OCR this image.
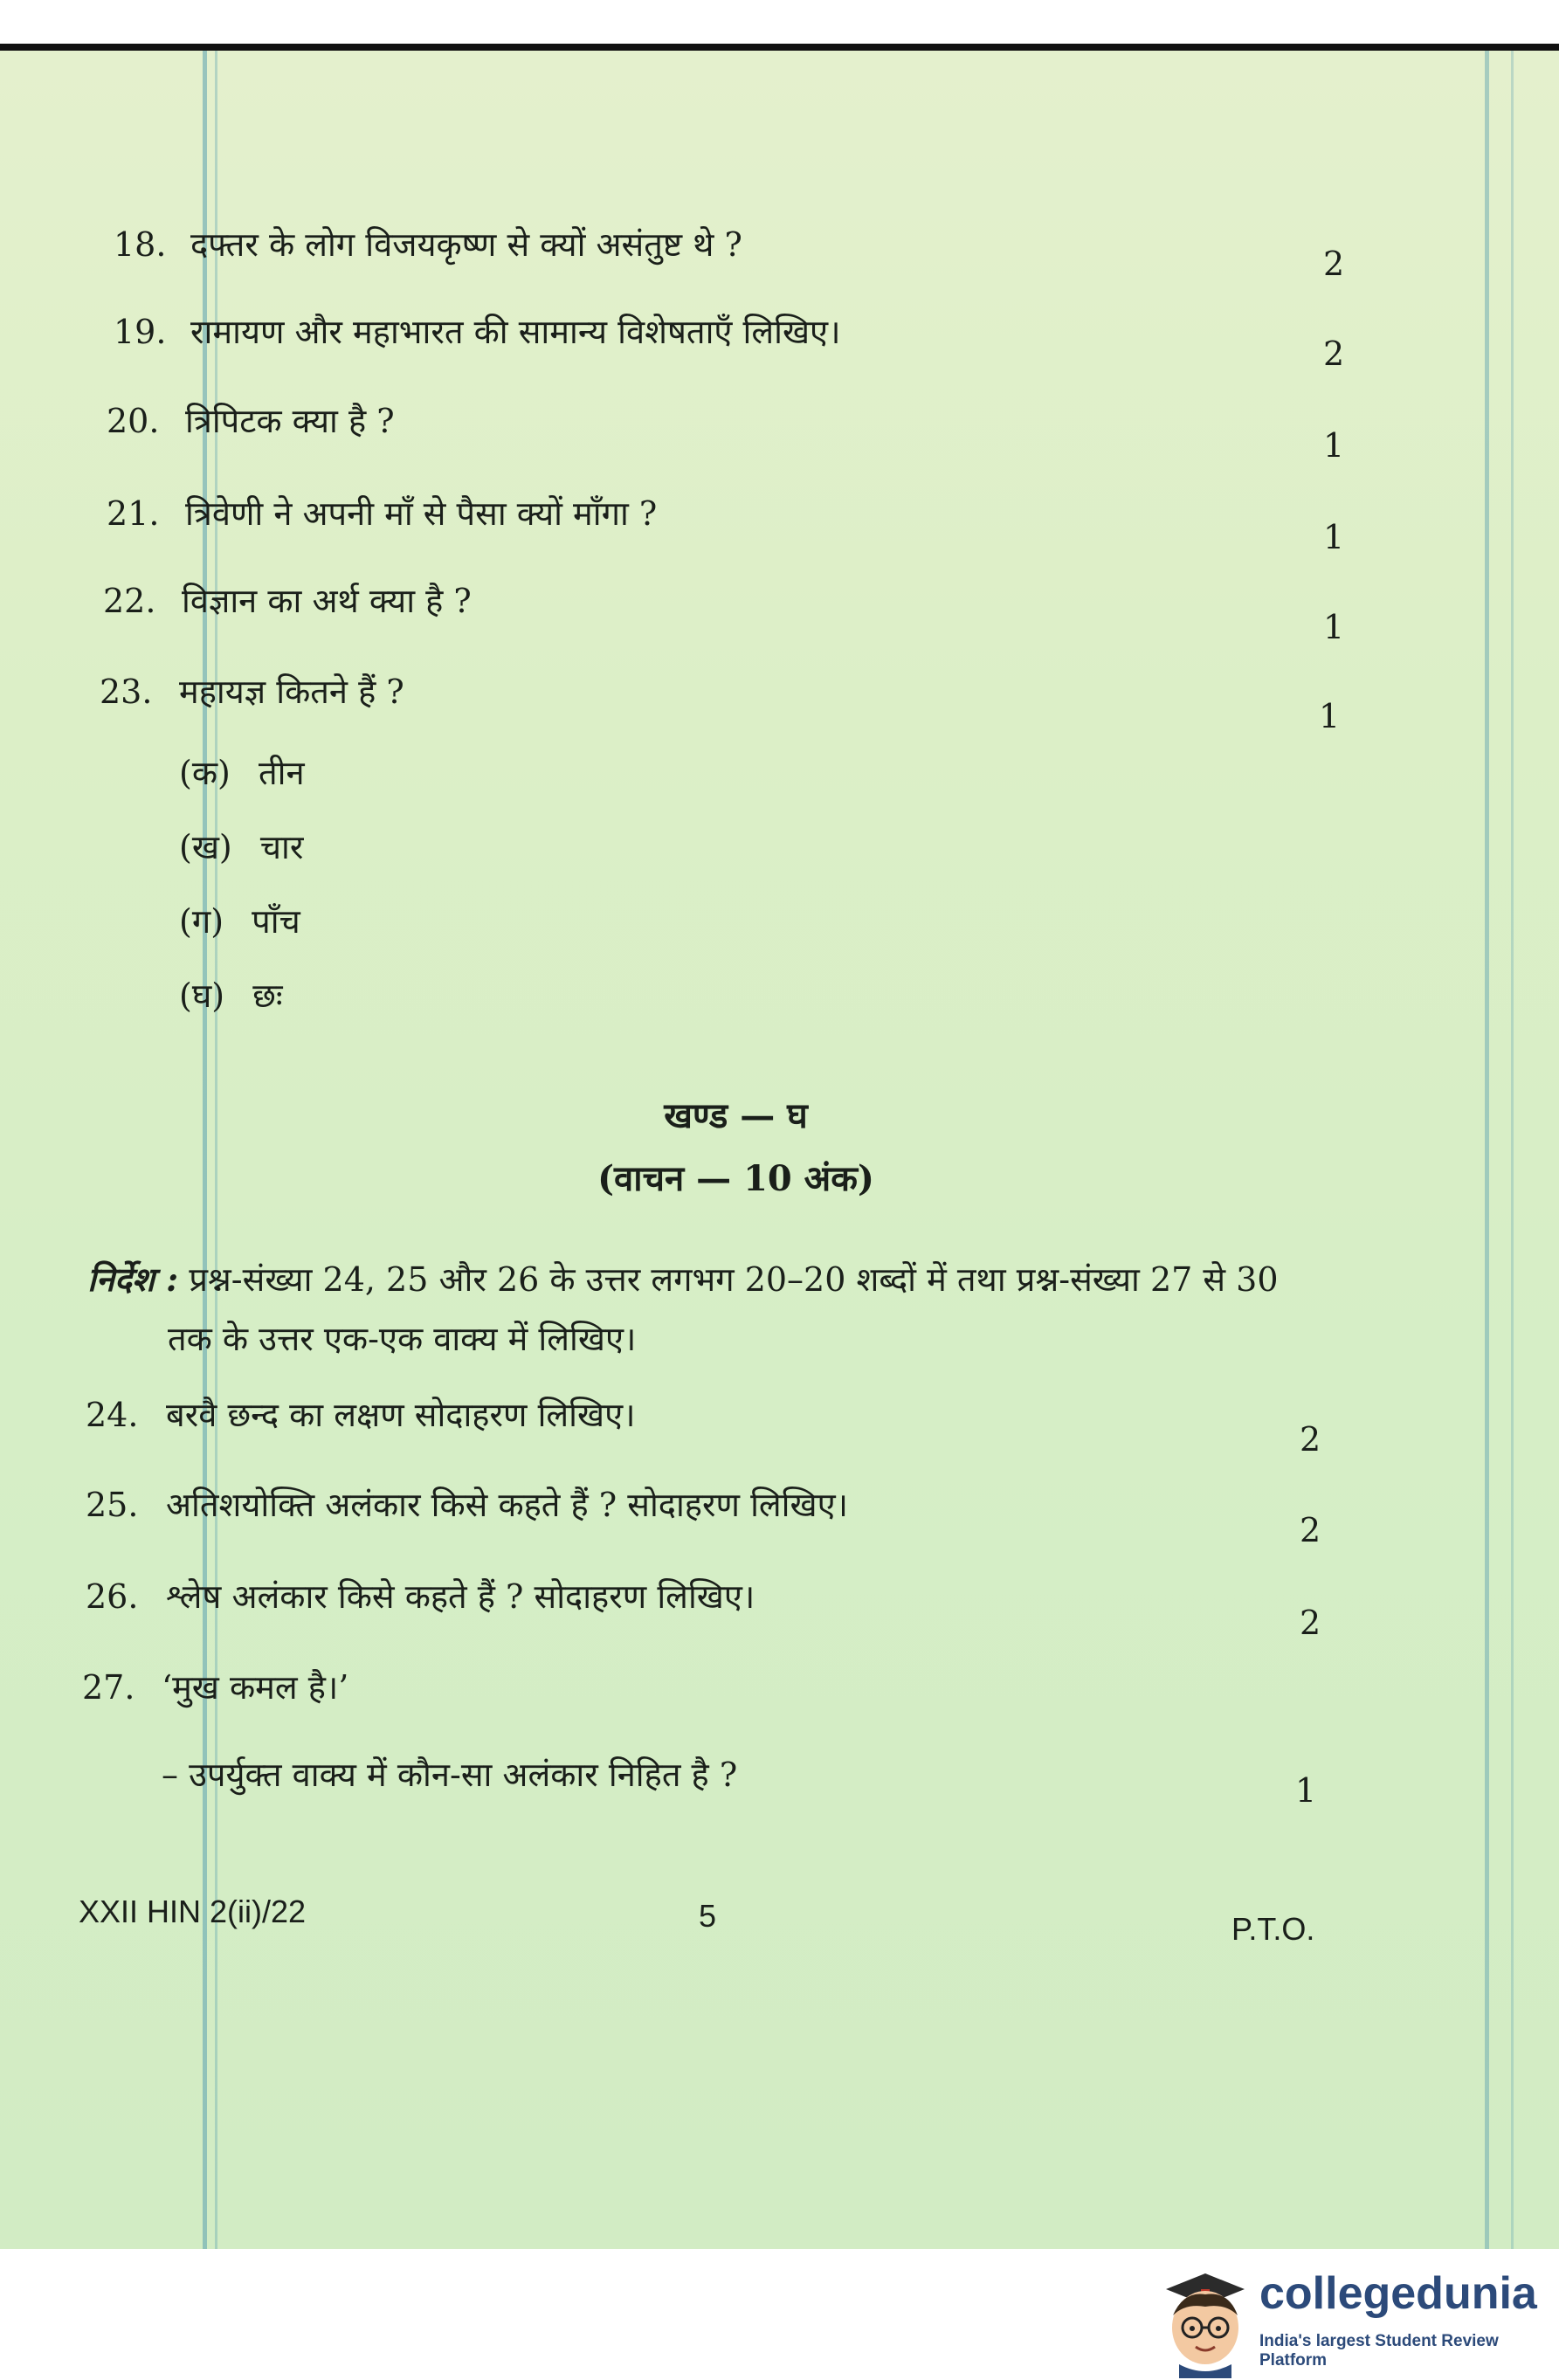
18. दफ्तर के लोग विजयकृष्ण से क्यों असंतुष्ट थे ?	2
19. रामायण और महाभारत की सामान्य विशेषताएँ लिखिए।
2
20. त्रिपिटक क्या है ?
1
21. त्रिवेणी ने अपनी माँ से पैसा क्यों माँगा ?
1
22. विज्ञान का अर्थ क्या है ?
1
23. महायज्ञ कितने हैं ?
1
(क) तीन
(ख) चार
(ग) पाँच
(घ) छः
खण्ड — घ
(वाचन — 10 अंक)
निर्देश : प्रश्न-संख्या 24, 25 और 26 के उत्तर लगभग 20–20 शब्दों में तथा प्रश्न-संख्या 27 से 30
तक के उत्तर एक-एक वाक्य में लिखिए।
24. बरवै छन्द का लक्षण सोदाहरण लिखिए।
2
25. अतिशयोक्ति अलंकार किसे कहते हैं ? सोदाहरण लिखिए।
2
26. श्लेष अलंकार किसे कहते हैं ? सोदाहरण लिखिए।
2
27. ‘मुख कमल है।’
– उपर्युक्त वाक्य में कौन-सा अलंकार निहित है ?	1
XXII HIN 2(ii)/22	5	P.T.O.
collegedunia
India's largest Student Review Platform
